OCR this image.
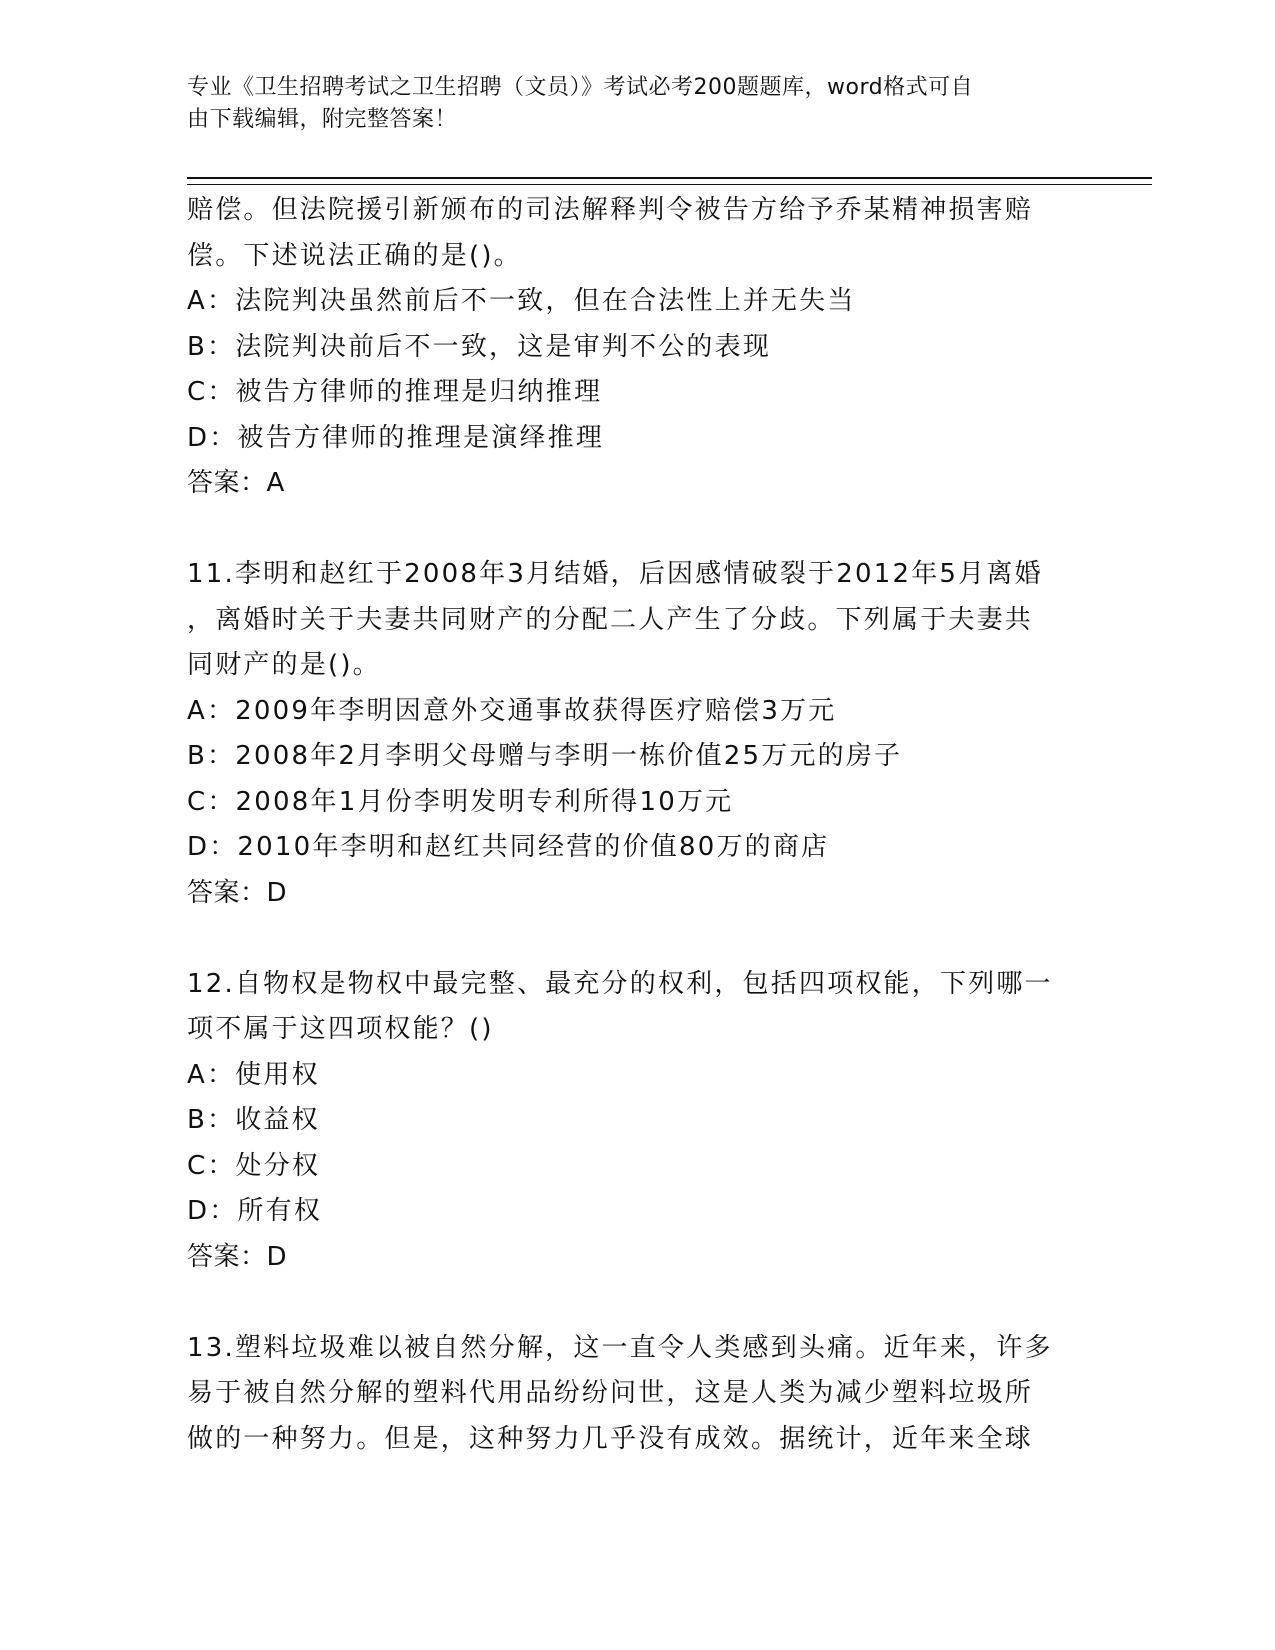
专业《卫生招聘考试之卫生招聘（文员）》考试必考200题题库，word格式可自
由下载编辑，附完整答案！
赔偿。但法院援引新颁布的司法解释判令被告方给予乔某精神损害赔
偿。下述说法正确的是()。
A：法院判决虽然前后不一致，但在合法性上并无失当
B：法院判决前后不一致，这是审判不公的表现
C：被告方律师的推理是归纳推理
D：被告方律师的推理是演绎推理
答案：A
11.李明和赵红于2008年3月结婚，后因感情破裂于2012年5月离婚
，离婚时关于夫妻共同财产的分配二人产生了分歧。下列属于夫妻共
同财产的是()。
A：2009年李明因意外交通事故获得医疗赔偿3万元
B：2008年2月李明父母赠与李明一栋价值25万元的房子
C：2008年1月份李明发明专利所得10万元
D：2010年李明和赵红共同经营的价值80万的商店
答案：D
12.自物权是物权中最完整、最充分的权利，包括四项权能，下列哪一
项不属于这四项权能？()
A：使用权
B：收益权
C：处分权
D：所有权
答案：D
13.塑料垃圾难以被自然分解，这一直令人类感到头痛。近年来，许多
易于被自然分解的塑料代用品纷纷问世，这是人类为减少塑料垃圾所
做的一种努力。但是，这种努力几乎没有成效。据统计，近年来全球
